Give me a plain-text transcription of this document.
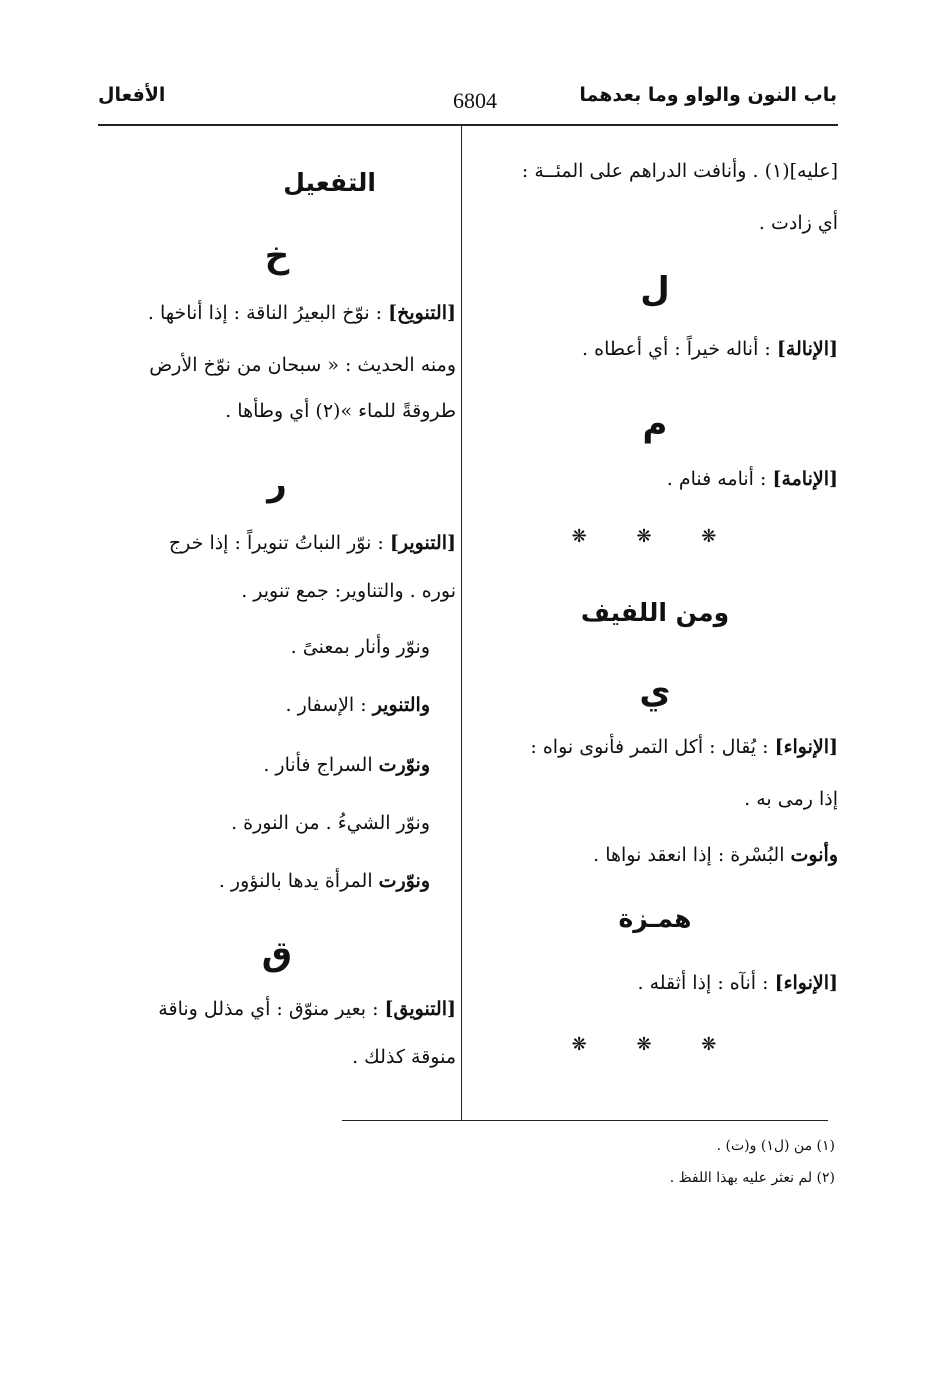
باب النون والواو وما بعدهما
6804
الأفعال
[عليه](١) . وأنافت الدراهم على المئــة :
أي زادت .
ل
[الإنالة] : أناله خيراً : أي أعطاه .
م
[الإنامة] : أنامه فنام .
❋ ❋ ❋
ومن اللفيف
ي
[الإنواء] : يُقال : أكل التمر فأنوى نواه :
إذا رمى به .
وأنوت البُسْرة : إذا انعقد نواها .
همـزة
[الإنواء] : أنآه : إذا أثقله .
❋ ❋ ❋
التفعيل
خ
[التنويخ] : نوّخ البعيرُ الناقة : إذا أناخها .
ومنه الحديث : « سبحان من نوّخ الأرض
طروقةً للماء »(٢) أي وطأها .
ر
[التنوير] : نوّر النباتُ تنويراً : إذا خرج
نوره . والتناوير: جمع تنوير .
ونوّر وأنار بمعنىً .
والتنوير : الإسفار .
ونوّرت السراج فأنار .
ونوّر الشيءُ . من النورة .
ونوّرت المرأة يدها بالنؤور .
ق
[التنويق] : بعير منوّق : أي مذلل وناقة
منوقة كذلك .
(١) من (ل١) و(ت) .
(٢) لم نعثر عليه بهذا اللفظ .
